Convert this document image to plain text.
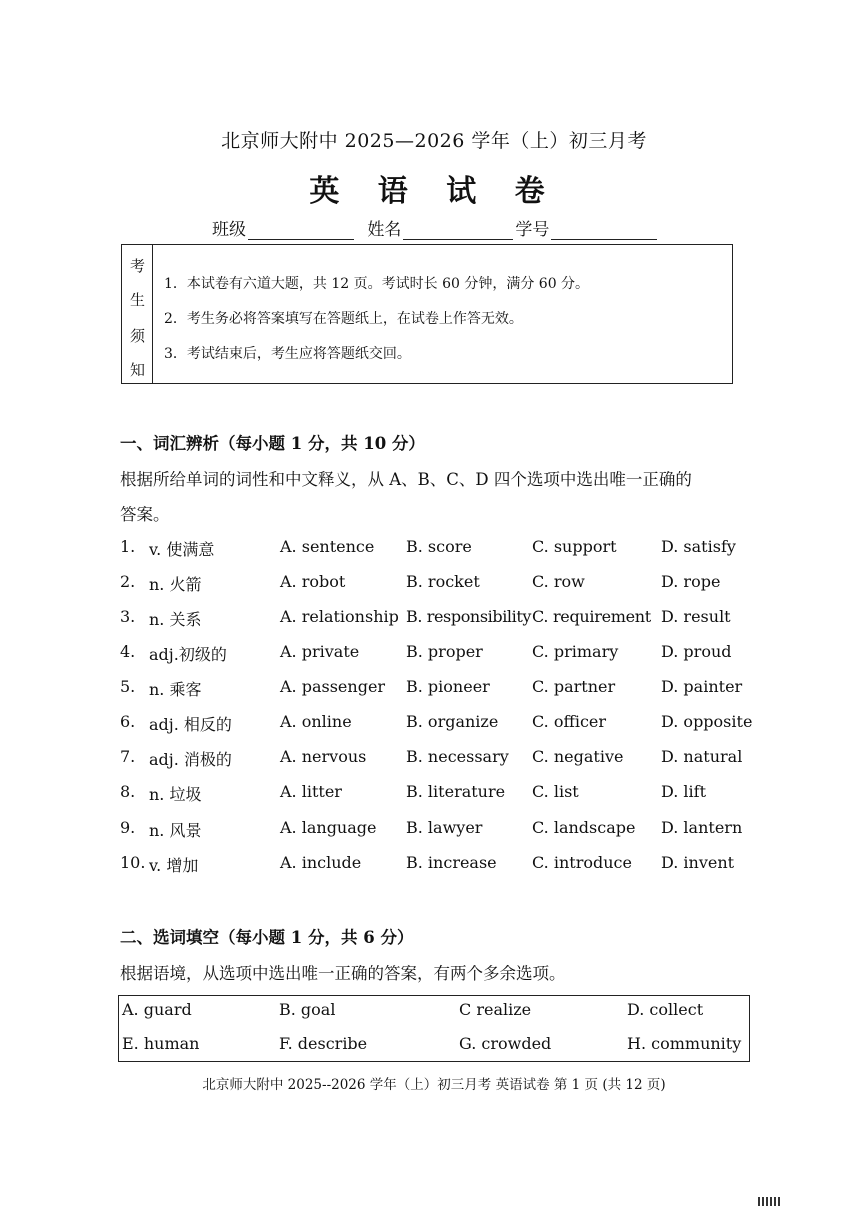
北京师大附中 2025—2026 学年（上）初三月考
英 语 试 卷
班级	姓名	学号
考
生
须
知
1．本试卷有六道大题，共 12 页。考试时长 60 分钟，满分 60 分。
2．考生务必将答案填写在答题纸上，在试卷上作答无效。
3．考试结束后，考生应将答题纸交回。
一、词汇辨析（每小题 1 分，共 10 分）
根据所给单词的词性和中文释义，从 A、B、C、D 四个选项中选出唯一正确的
答案。
1. v. 使满意	A. sentence B. score	C. support	D. satisfy
2. n. 火箭	A. robot	B. rocket	C. row	D. rope
3. n. 关系	A. relationship B. responsibility C. requirement D. result
4. adj.初级的	A. private	B. proper	C. primary	D. proud
5. n. 乘客	A. passenger B. pioneer	C. partner	D. painter
6. adj. 相反的	A. online	B. organize C. officer	D. opposite
7. adj. 消极的	A. nervous B. necessary C. negative D. natural
8. n. 垃圾	A. litter	B. literature C. list	D. lift
9. n. 风景	A. language B. lawyer	C. landscape D. lantern
10. v. 增加	A. include	B. increase C. introduce D. invent
二、选词填空（每小题 1 分，共 6 分）
根据语境，从选项中选出唯一正确的答案，有两个多余选项。
A. guard	B. goal	C realize	D. collect
E. human	F. describe	G. crowded	H. community
北京师大附中 2025--2026 学年（上）初三月考 英语试卷 第 1 页 (共 12 页)
